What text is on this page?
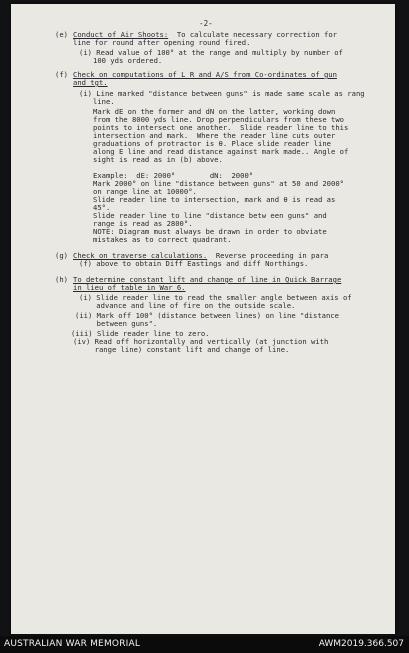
-2-
(e) Conduct of Air Shoots: To calculate necessary correction for
line for round after opening round fired.
(i) Read value of 100° at the range and multiply by number of
100 yds ordered.
(f) Check on computations of L R and A/S from Co-ordinates of gun
and tgt.
(i) Line marked "distance between guns" is made same scale as rang
line.
Mark dE on the former and dN on the latter, working down
from the 8000 yds line. Drop perpendiculars from these two
points to intersect one another.  Slide reader line to this
intersection and mark.  Where the reader line cuts outer
graduations of protractor is θ. Place slide reader line
along E line and read distance against mark made.. Angle of
sight is read as in (b) above.
Example:  dE: 2000°        dN:  2000°
Mark 2000° on line "distance between guns" at 50 and 2000°
on range line at 10000°.
Slide reader line to intersection, mark and θ is read as
45°.
Slide reader line to line "distance betw een guns" and
range is read as 2800°.
NOTE: Diagram must always be drawn in order to obviate
mistakes as to correct quadrant.
(g) Check on traverse calculations. Reverse proceeding in para
(f) above to obtain Diff Eastings and diff Northings.
(h) To determine constant lift and change of line in Quick Barrage
in lieu of table in War 6.
(i) Slide reader line to read the smaller angle between axis of
advance and line of fire on the outside scale.
(ii) Mark off 100° (distance between lines) on line "distance
between guns".
(iii) Slide reader line to zero.
(iv) Read off horizontally and vertically (at junction with
range line) constant lift and change of line.
AUSTRALIAN WAR MEMORIAL	AWM2019.366.507
